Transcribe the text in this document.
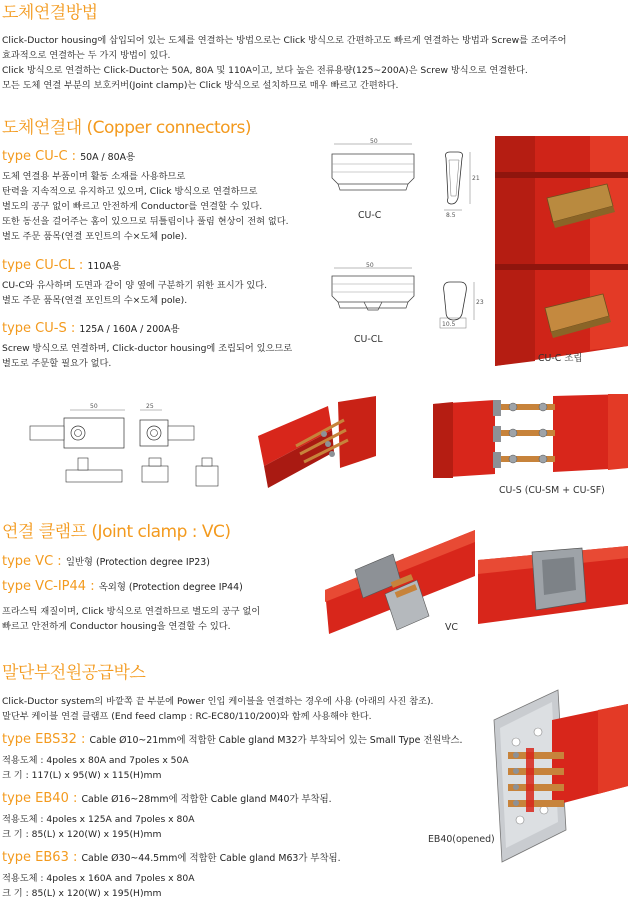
도체연결방법
Click-Ductor housing에 삽입되어 있는 도체를 연결하는 방법으로는 Click 방식으로 간편하고도 빠르게 연결하는 방법과 Screw를 조여주어
효과적으로 연결하는 두 가지 방법이 있다.
Click 방식으로 연결하는 Click-Ductor는 50A, 80A 및 110A이고, 보다 높은 전류용량(125~200A)은 Screw 방식으로 연결한다.
모든 도체 연결 부분의 보호커버(Joint clamp)는 Click 방식으로 설치하므로 매우 빠르고 간편하다.
도체연결대 (Copper connectors)
type CU-C : 50A / 80A용
도체 연결용 부품이며 활동 소재를 사용하므로
탄력을 지속적으로 유지하고 있으며, Click 방식으로 연결하므로
별도의 공구 없이 빠르고 안전하게 Conductor를 연결할 수 있다.
또한 동선을 걸어주는 홈이 있으므로 뒤틀림이나 풀림 현상이 전혀 없다.
별도 주문 품목(연결 포인트의 수×도체 pole).
50
21
8.5
CU-C
CU-C 조립
type CU-CL : 110A용
CU-C와 유사하며 도면과 같이 양 옆에 구분하기 위한 표시가 있다.
별도 주문 품목(연결 포인트의 수×도체 pole).
50
23
10.5
CU-CL
type CU-S : 125A / 160A / 200A용
Screw 방식으로 연결하며, Click-ductor housing에 조립되어 있으므로
별도로 주문할 필요가 없다.
50	25
CU-S (CU-SM + CU-SF)
연결 클램프 (Joint clamp : VC)
type VC : 일반형 (Protection degree IP23)
type VC-IP44 : 옥외형 (Protection degree IP44)
프라스틱 재질이며, Click 방식으로 연결하므로 별도의 공구 없이
빠르고 안전하게 Conductor housing을 연결할 수 있다.	VC
말단부전원공급박스
Click-Ductor system의 바깥쪽 끝 부분에 Power 인입 케이블을 연결하는 경우에 사용 (아래의 사진 참조).
말단부 케이블 연결 클램프 (End feed clamp : RC-EC80/110/200)와 함께 사용해야 한다.
type EBS32 : Cable Ø10~21mm에 적합한 Cable gland M32가 부착되어 있는 Small Type 전원박스.
적용도체 : 4poles x 80A and 7poles x 50A
크 기 : 117(L) x 95(W) x 115(H)mm
type EB40 : Cable Ø16~28mm에 적합한 Cable gland M40가 부착됨.
적용도체 : 4poles x 125A and 7poles x 80A
크 기 : 85(L) x 120(W) x 195(H)mm
type EB63 : Cable Ø30~44.5mm에 적합한 Cable gland M63가 부착됨.
적용도체 : 4poles x 160A and 7poles x 80A
크 기 : 85(L) x 120(W) x 195(H)mm
EB40(opened)
